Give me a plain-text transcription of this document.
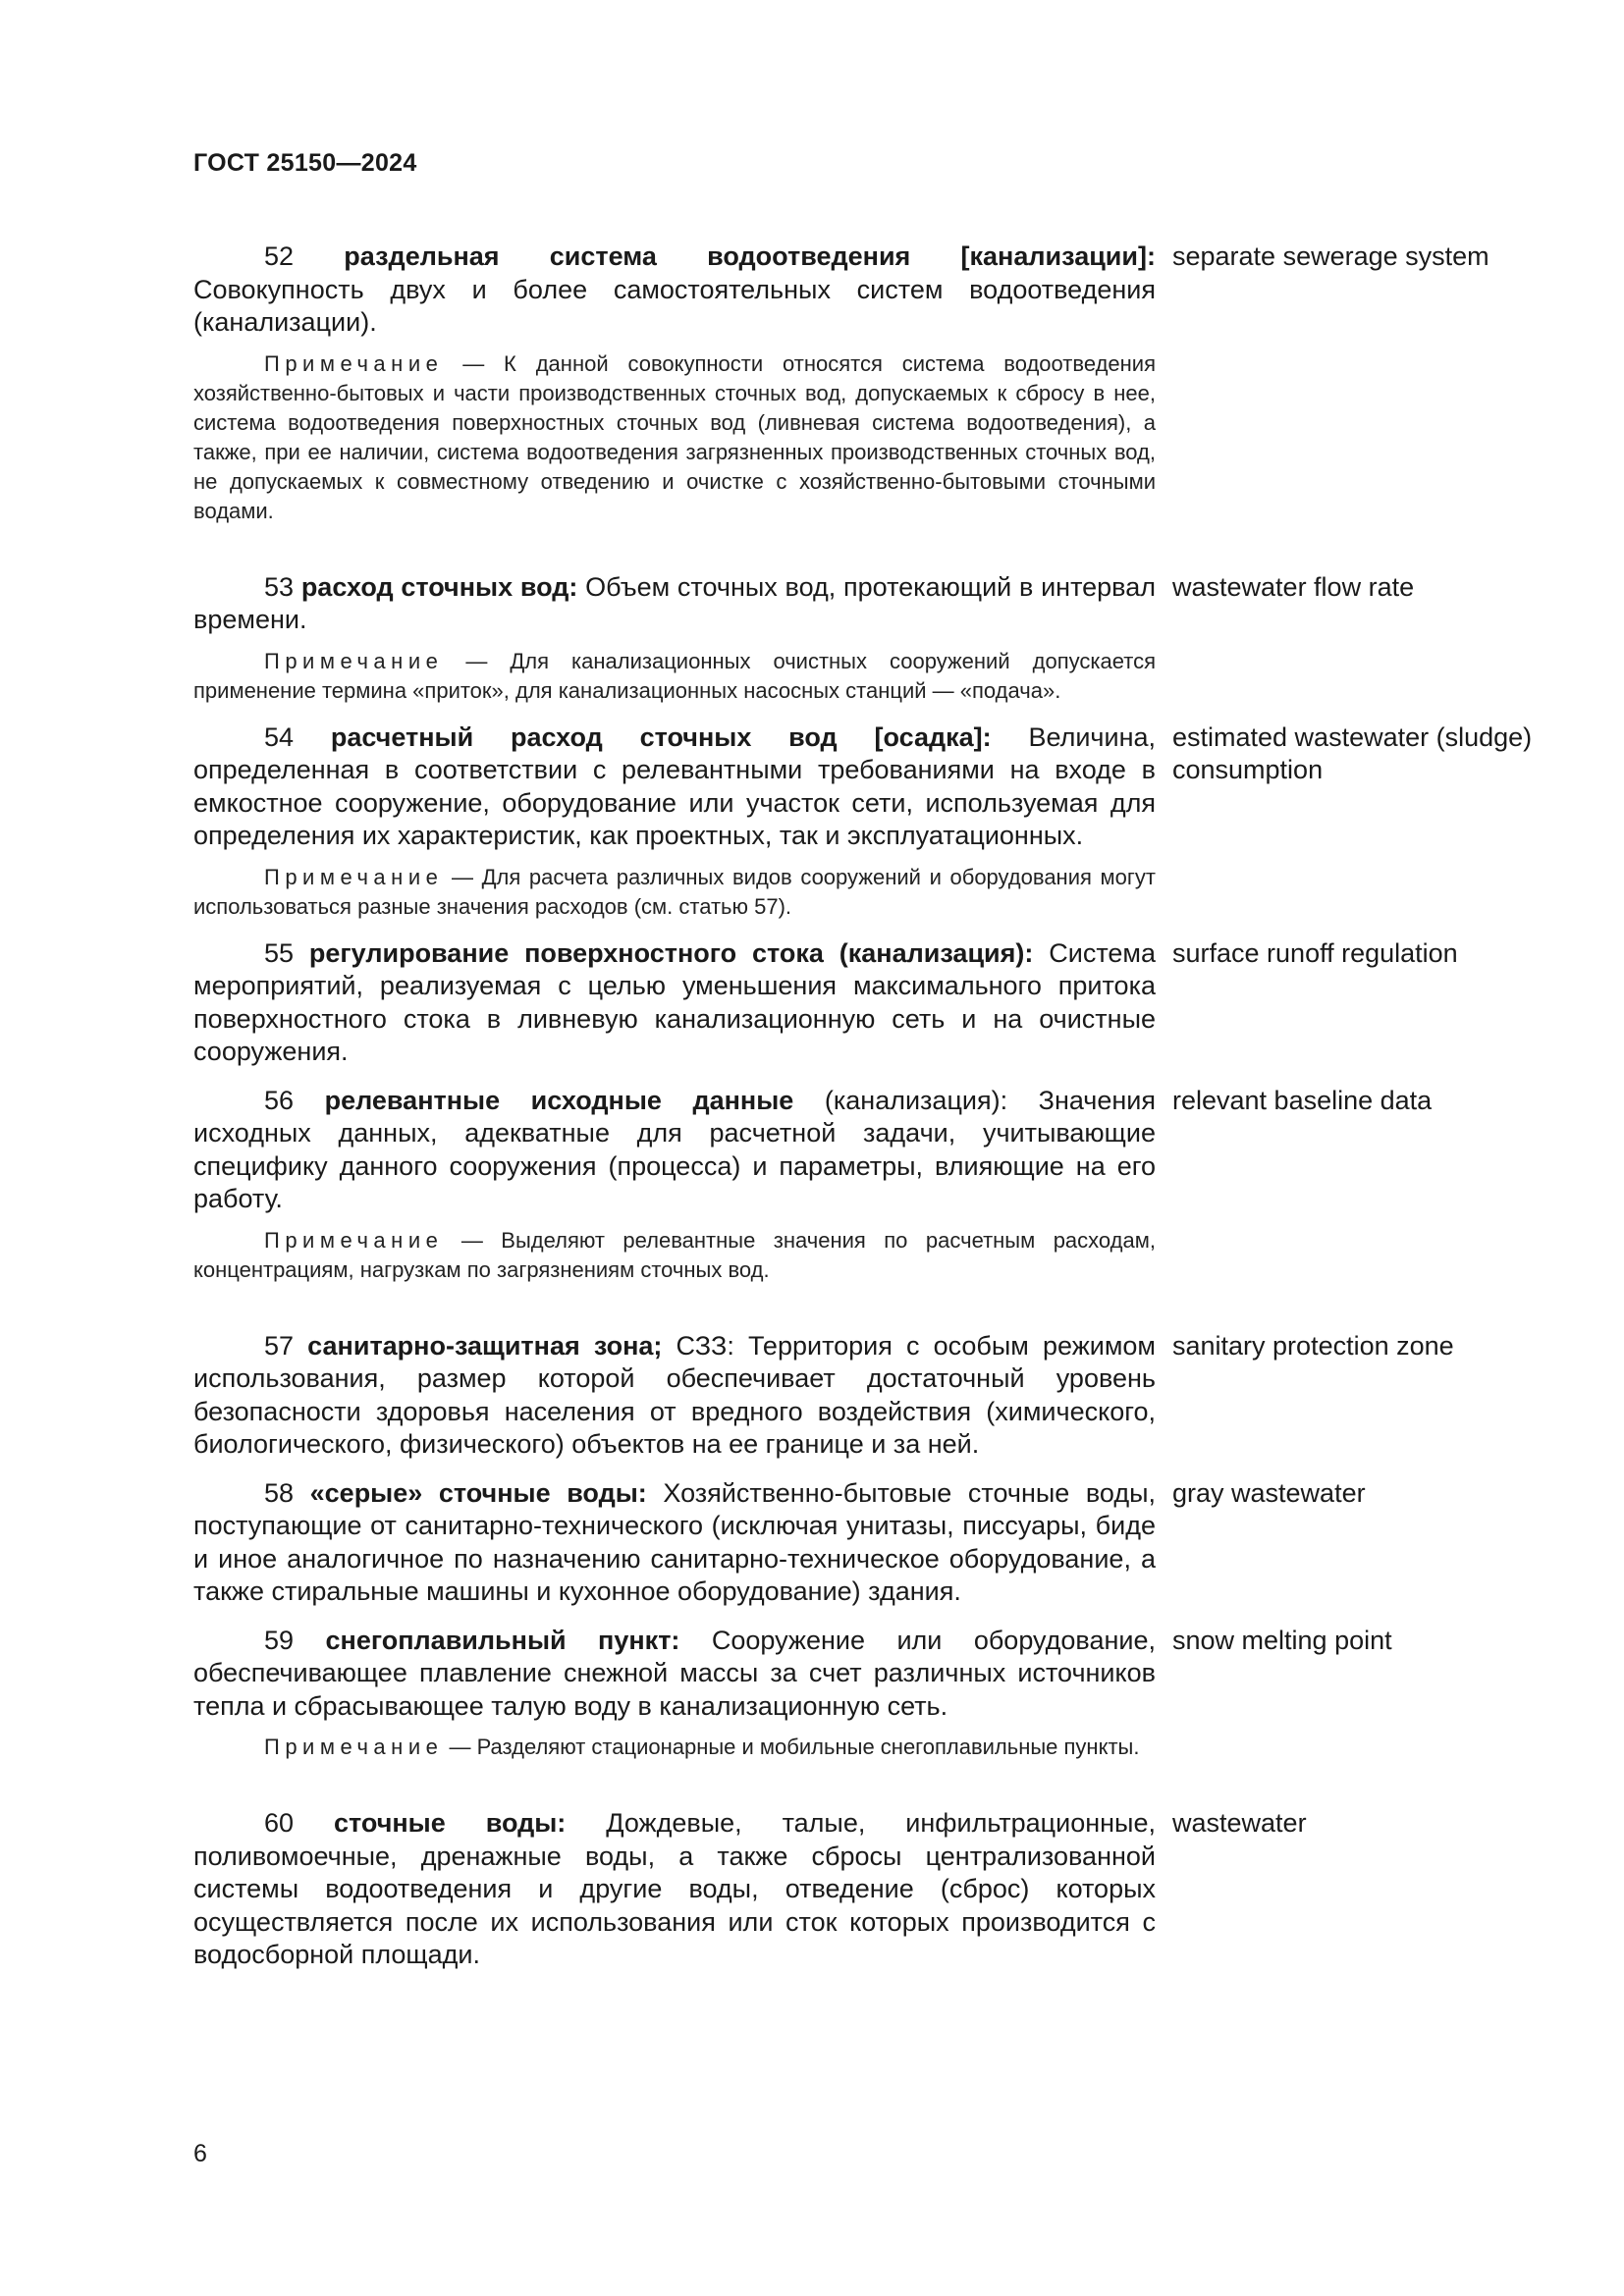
ГОСТ 25150—2024

52 раздельная система водоотведения [канализации]: Совокупность двух и более самостоятельных систем водоотведения (канализации).

Примечание — К данной совокупности относятся система водоотведения хозяйственно-бытовых и части производственных сточных вод, допускаемых к сбросу в нее, система водоотведения поверхностных сточных вод (ливневая система водоотведения), а также, при ее наличии, система водоотведения загрязненных производственных сточных вод, не допускаемых к совместному отведению и очистке с хозяйственно-бытовыми сточными водами.

separate sewerage system

53 расход сточных вод: Объем сточных вод, протекающий в интервал времени.

Примечание — Для канализационных очистных сооружений допускается применение термина «приток», для канализационных насосных станций — «подача».

wastewater flow rate

54 расчетный расход сточных вод [осадка]: Величина, определенная в соответствии с релевантными требованиями на входе в емкостное сооружение, оборудование или участок сети, используемая для определения их характеристик, как проектных, так и эксплуатационных.

Примечание — Для расчета различных видов сооружений и оборудования могут использоваться разные значения расходов (см. статью 57).

estimated wastewater (sludge) consumption

55 регулирование поверхностного стока (канализация): Система мероприятий, реализуемая с целью уменьшения максимального притока поверхностного стока в ливневую канализационную сеть и на очистные сооружения.

surface runoff regulation

56 релевантные исходные данные (канализация): Значения исходных данных, адекватные для расчетной задачи, учитывающие специфику данного сооружения (процесса) и параметры, влияющие на его работу.

Примечание — Выделяют релевантные значения по расчетным расходам, концентрациям, нагрузкам по загрязнениям сточных вод.

relevant baseline data

57 санитарно-защитная зона; СЗЗ: Территория с особым режимом использования, размер которой обеспечивает достаточный уровень безопасности здоровья населения от вредного воздействия (химического, биологического, физического) объектов на ее границе и за ней.

sanitary protection zone

58 «серые» сточные воды: Хозяйственно-бытовые сточные воды, поступающие от санитарно-технического (исключая унитазы, писсуары, биде и иное аналогичное по назначению санитарно-техническое оборудование, а также стиральные машины и кухонное оборудование) здания.

gray wastewater

59 снегоплавильный пункт: Сооружение или оборудование, обеспечивающее плавление снежной массы за счет различных источников тепла и сбрасывающее талую воду в канализационную сеть.

Примечание — Разделяют стационарные и мобильные снегоплавильные пункты.

snow melting point

60 сточные воды: Дождевые, талые, инфильтрационные, поливомоечные, дренажные воды, а также сбросы централизованной системы водоотведения и другие воды, отведение (сброс) которых осуществляется после их использования или сток которых производится с водосборной площади.

wastewater
6
